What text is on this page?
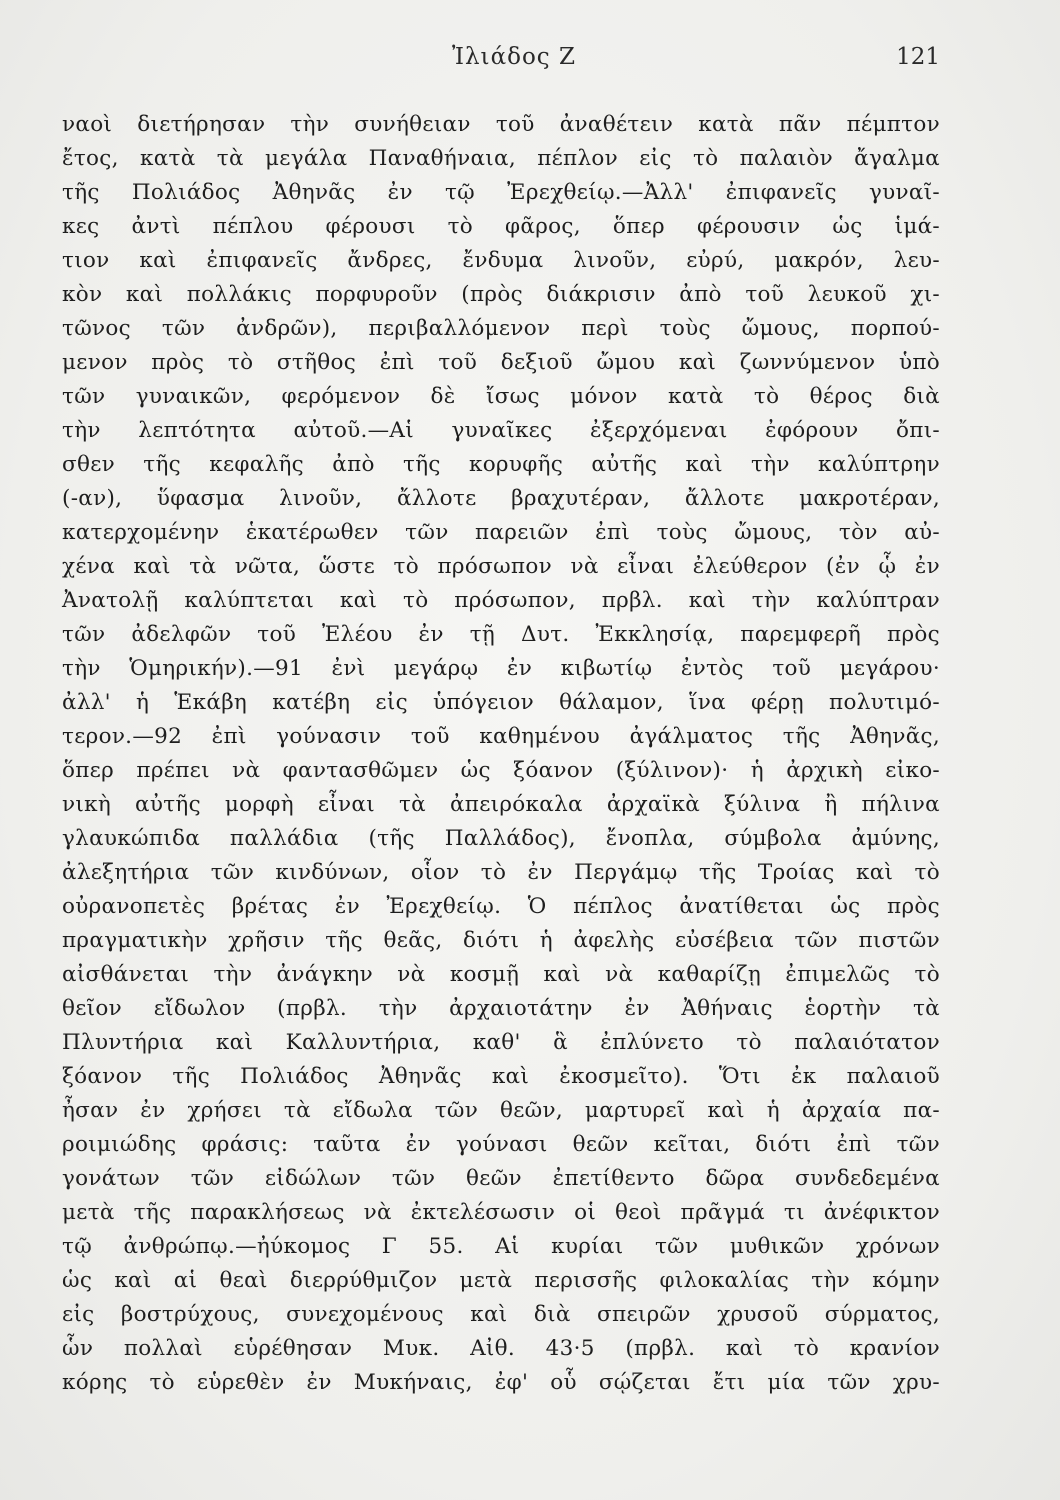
Ἰλιάδος Ζ	121
ναοὶ διετήρησαν τὴν συνήθειαν τοῦ ἀναθέτειν κατὰ πᾶν πέμπτον
ἔτος, κατὰ τὰ μεγάλα Παναθήναια, πέπλον εἰς τὸ παλαιὸν ἄγαλμα
τῆς Πολιάδος Ἀθηνᾶς ἐν τῷ Ἐρεχθείῳ.—Ἀλλ' ἐπιφανεῖς γυναῖ-
κες ἀντὶ πέπλου φέρουσι τὸ φᾶρος, ὅπερ φέρουσιν ὡς ἱμά-
τιον καὶ ἐπιφανεῖς ἄνδρες, ἔνδυμα λινοῦν, εὐρύ, μακρόν, λευ-
κὸν καὶ πολλάκις πορφυροῦν (πρὸς διάκρισιν ἀπὸ τοῦ λευκοῦ χι-
τῶνος τῶν ἀνδρῶν), περιβαλλόμενον περὶ τοὺς ὤμους, πορπού-
μενον πρὸς τὸ στῆθος ἐπὶ τοῦ δεξιοῦ ὤμου καὶ ζωννύμενον ὑπὸ
τῶν γυναικῶν, φερόμενον δὲ ἴσως μόνον κατὰ τὸ θέρος διὰ
τὴν λεπτότητα αὐτοῦ.—Αἱ γυναῖκες ἐξερχόμεναι ἐφόρουν ὄπι-
σθεν τῆς κεφαλῆς ἀπὸ τῆς κορυφῆς αὐτῆς καὶ τὴν καλύπτρην
(-αν), ὕφασμα λινοῦν, ἄλλοτε βραχυτέραν, ἄλλοτε μακροτέραν,
κατερχομένην ἑκατέρωθεν τῶν παρειῶν ἐπὶ τοὺς ὤμους, τὸν αὐ-
χένα καὶ τὰ νῶτα, ὥστε τὸ πρόσωπον νὰ εἶναι ἐλεύθερον (ἐν ᾧ ἐν
Ἀνατολῇ καλύπτεται καὶ τὸ πρόσωπον, πρβλ. καὶ τὴν καλύπτραν
τῶν ἀδελφῶν τοῦ Ἐλέου ἐν τῇ Δυτ. Ἐκκλησίᾳ, παρεμφερῆ πρὸς
τὴν Ὁμηρικήν).—91 ἐνὶ μεγάρῳ ἐν κιβωτίῳ ἐντὸς τοῦ μεγάρου·
ἀλλ' ἡ Ἑκάβη κατέβη εἰς ὑπόγειον θάλαμον, ἵνα φέρῃ πολυτιμό-
τερον.—92 ἐπὶ γούνασιν τοῦ καθημένου ἀγάλματος τῆς Ἀθηνᾶς,
ὅπερ πρέπει νὰ φαντασθῶμεν ὡς ξόανον (ξύλινον)· ἡ ἀρχικὴ εἰκο-
νικὴ αὐτῆς μορφὴ εἶναι τὰ ἀπειρόκαλα ἀρχαϊκὰ ξύλινα ἢ πήλινα
γλαυκώπιδα παλλάδια (τῆς Παλλάδος), ἔνοπλα, σύμβολα ἀμύνης,
ἀλεξητήρια τῶν κινδύνων, οἷον τὸ ἐν Περγάμῳ τῆς Τροίας καὶ τὸ
οὐρανοπετὲς βρέτας ἐν Ἐρεχθείῳ. Ὁ πέπλος ἀνατίθεται ὡς πρὸς
πραγματικὴν χρῆσιν τῆς θεᾶς, διότι ἡ ἀφελὴς εὐσέβεια τῶν πιστῶν
αἰσθάνεται τὴν ἀνάγκην νὰ κοσμῇ καὶ νὰ καθαρίζῃ ἐπιμελῶς τὸ
θεῖον εἴδωλον (πρβλ. τὴν ἀρχαιοτάτην ἐν Ἀθήναις ἑορτὴν τὰ
Πλυντήρια καὶ Καλλυντήρια, καθ' ἃ ἐπλύνετο τὸ παλαιότατον
ξόανον τῆς Πολιάδος Ἀθηνᾶς καὶ ἐκοσμεῖτο). Ὅτι ἐκ παλαιοῦ
ἦσαν ἐν χρήσει τὰ εἴδωλα τῶν θεῶν, μαρτυρεῖ καὶ ἡ ἀρχαία πα-
ροιμιώδης φράσις: ταῦτα ἐν γούνασι θεῶν κεῖται, διότι ἐπὶ τῶν
γονάτων τῶν εἰδώλων τῶν θεῶν ἐπετίθεντο δῶρα συνδεδεμένα
μετὰ τῆς παρακλήσεως νὰ ἐκτελέσωσιν οἱ θεοὶ πρᾶγμά τι ἀνέφικτον
τῷ ἀνθρώπῳ.—ἠύκομος Γ 55. Αἱ κυρίαι τῶν μυθικῶν χρόνων
ὡς καὶ αἱ θεαὶ διερρύθμιζον μετὰ περισσῆς φιλοκαλίας τὴν κόμην
εἰς βοστρύχους, συνεχομένους καὶ διὰ σπειρῶν χρυσοῦ σύρματος,
ὧν πολλαὶ εὑρέθησαν Μυκ. Αἰθ. 43·5 (πρβλ. καὶ τὸ κρανίον
κόρης τὸ εὑρεθὲν ἐν Μυκήναις, ἐφ' οὗ σῴζεται ἔτι μία τῶν χρυ-
